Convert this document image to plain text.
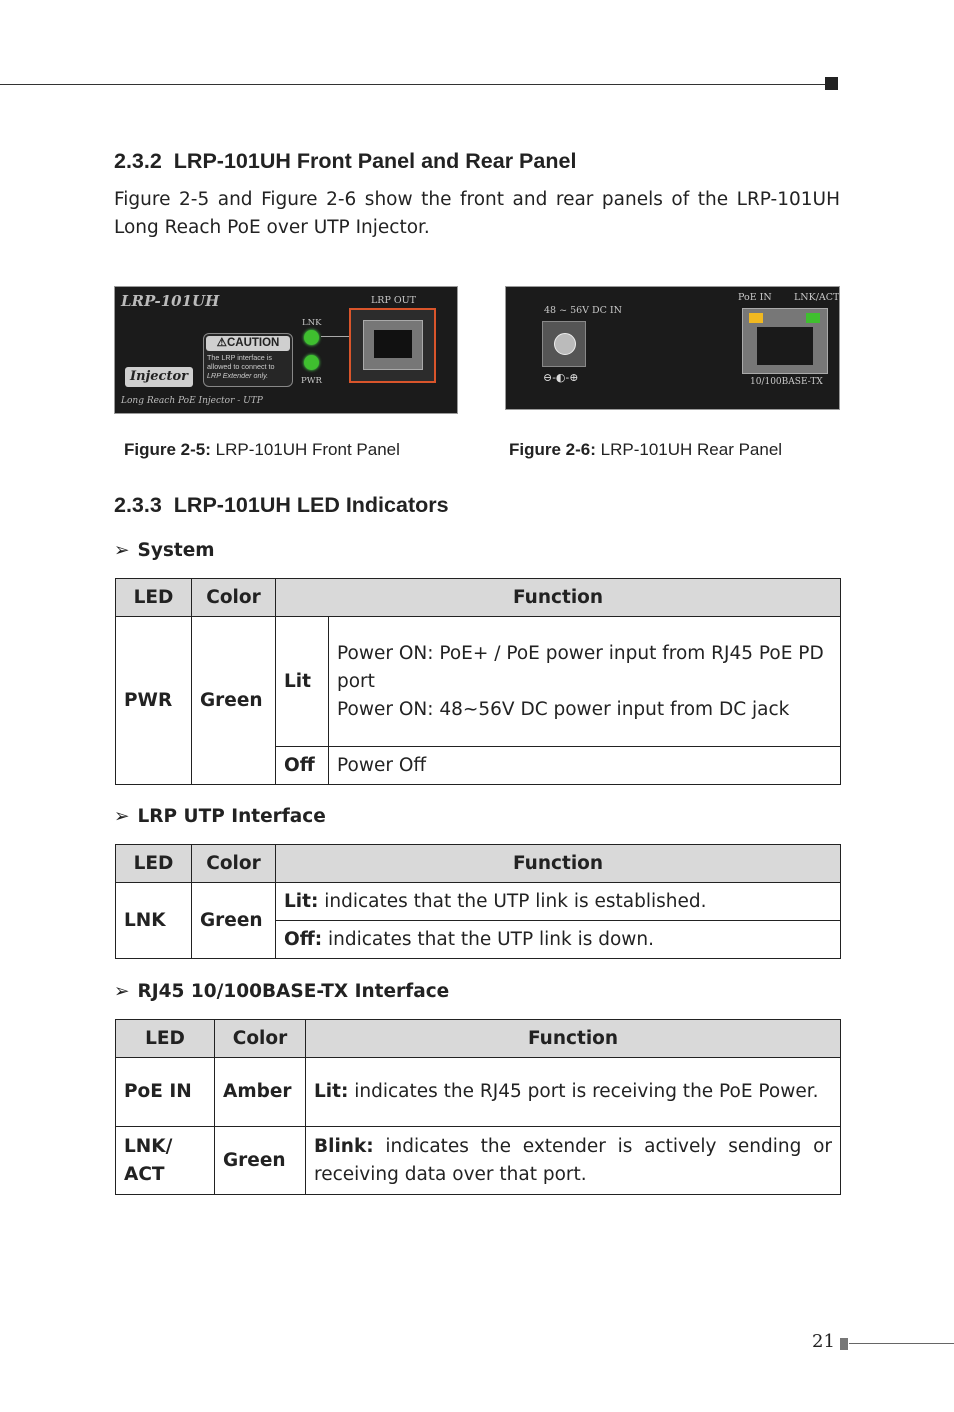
2.3.2 LRP-101UH Front Panel and Rear Panel

Figure 2-5 and Figure 2-6 show the front and rear panels of the LRP-101UH Long Reach PoE over UTP Injector.

LRP-101UH
Injector
Long Reach PoE Injector - UTP
⚠CAUTION
The LRP interface is
allowed to connect to
LRP Extender only.
LNK
PWR
LRP OUT
48 ~ 56V DC IN
⊖-◐-⊕
PoE IN LNK/ACT
10/100BASE-TX
Figure 2-5: LRP-101UH Front Panel	Figure 2-6: LRP-101UH Rear Panel
2.3.3 LRP-101UH LED Indicators
➢ System
LED	Color	Function	
PWR	Green	Lit	Power ON: PoE+ / PoE power input from RJ45 PoE PD port
Power ON: 48~56V DC power input from DC jack

		Off	Power Off
➢ LRP UTP Interface
LED	Color	Function
LNK	Green	Lit: indicates that the UTP link is established.
		Off: indicates that the UTP link is down.
➢ RJ45 10/100BASE-TX Interface
LED	Color	Function
PoE IN	Amber	Lit: indicates the RJ45 port is receiving the PoE Power.
LNK/ ACT	Green	Blink: indicates the extender is actively sending or receiving data over that port.
21
